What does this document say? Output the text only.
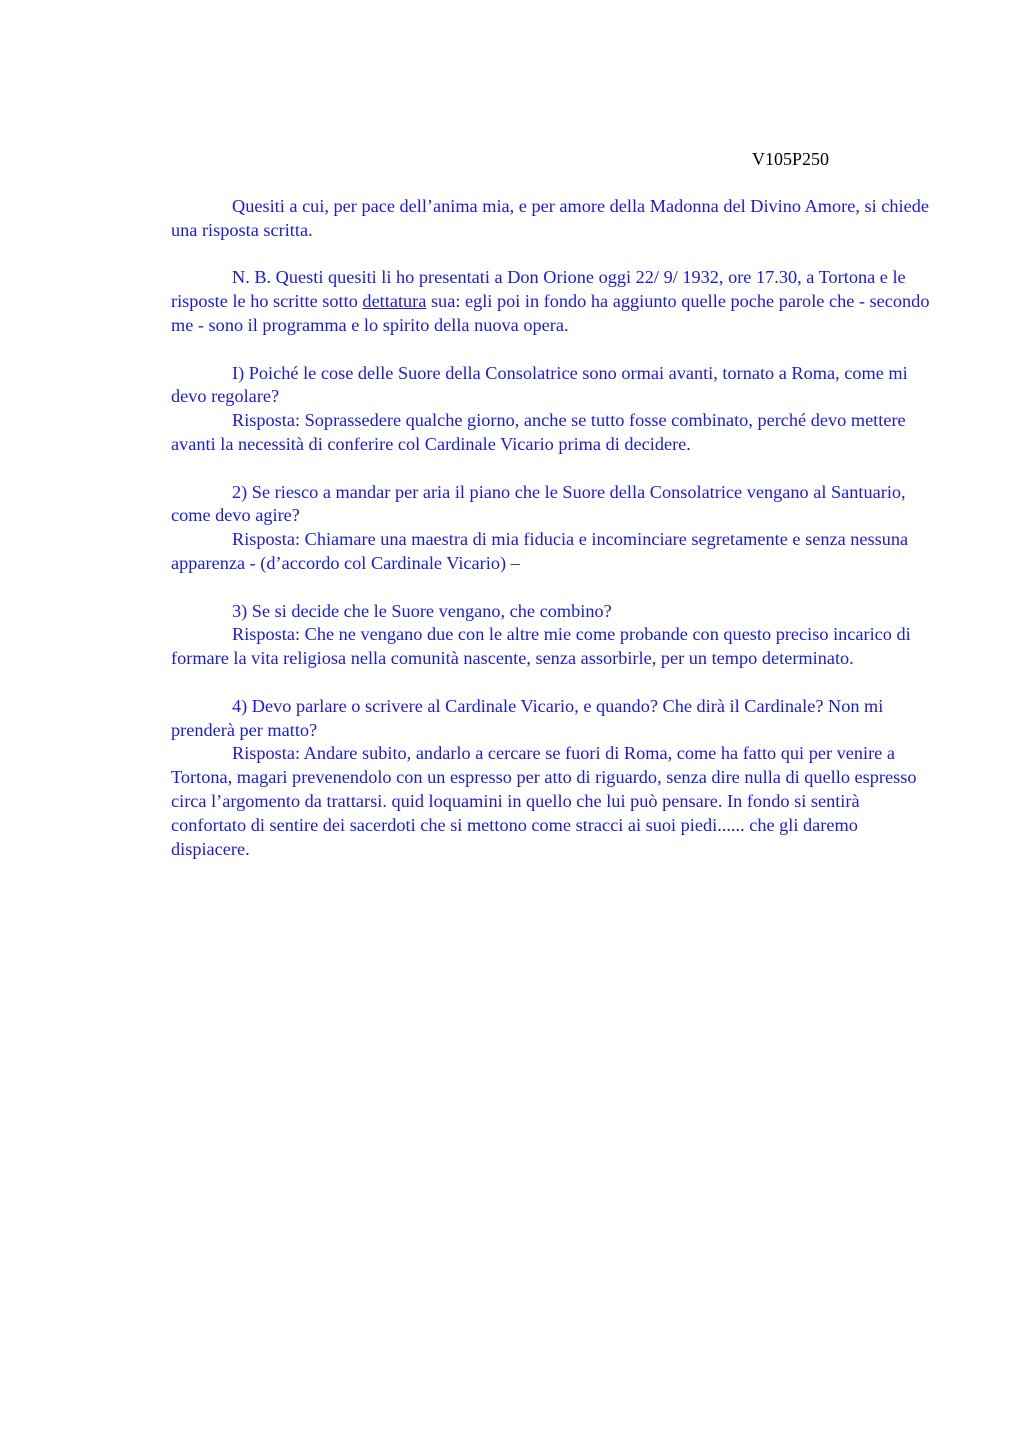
V105P250

Quesiti a cui, per pace dell’anima mia, e per amore della Madonna del Divino Amore, si chiede una risposta scritta.

N. B. Questi quesiti li ho presentati a Don Orione oggi 22/ 9/ 1932, ore 17.30, a Tortona e le risposte le ho scritte sotto dettatura sua: egli poi in fondo ha aggiunto quelle poche parole che - secondo me - sono il programma e lo spirito della nuova opera.

I) Poiché le cose delle Suore della Consolatrice sono ormai avanti, tornato a Roma, come mi devo regolare?

Risposta: Soprassedere qualche giorno, anche se tutto fosse combinato, perché devo mettere avanti la necessità di conferire col Cardinale Vicario prima di decidere.

2) Se riesco a mandar per aria il piano che le Suore della Consolatrice vengano al Santuario, come devo agire?

Risposta: Chiamare una maestra di mia fiducia e incominciare segretamente e senza nessuna apparenza - (d’accordo col Cardinale Vicario) –

3) Se si decide che le Suore vengano, che combino?

Risposta: Che ne vengano due con le altre mie come probande con questo preciso incarico di formare la vita religiosa nella comunità nascente, senza assorbirle, per un tempo determinato.

4) Devo parlare o scrivere al Cardinale Vicario, e quando? Che dirà il Cardinale? Non mi prenderà per matto?

Risposta: Andare subito, andarlo a cercare se fuori di Roma, come ha fatto qui per venire a Tortona, magari prevenendolo con un espresso per atto di riguardo, senza dire nulla di quello espresso circa l’argomento da trattarsi. quid loquamini in quello che lui può pensare. In fondo si sentirà confortato di sentire dei sacerdoti che si mettono come stracci ai suoi piedi...... che gli daremo dispiacere.
